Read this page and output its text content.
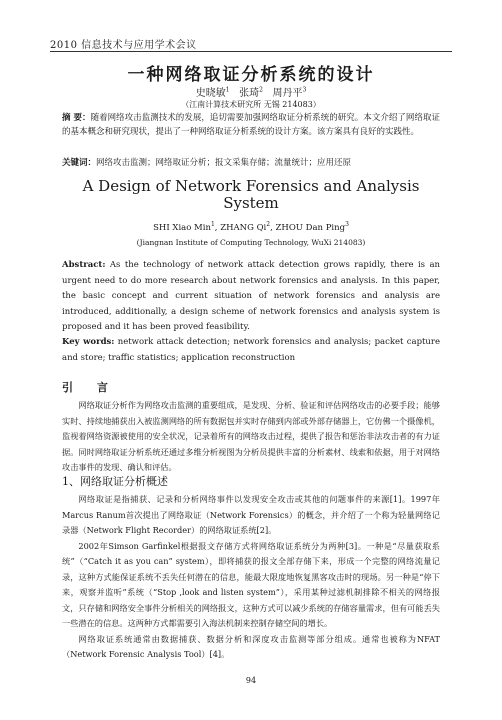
2010 信息技术与应用学术会议
一种网络取证分析系统的设计
史晓敏$^1$ 张琦$^2$ 周丹平$^3$
（江南计算技术研究所 无锡 214083）
摘 要：随着网络攻击监测技术的发展，追切需要加强网络取证分析系统的研究。本文介绍了网络取证的基本概念和研究现状，提出了一种网络取证分析系统的设计方案。该方案具有良好的实践性。
关键词：网络攻击监测；网络取证分析；报文采集存储；流量统计；应用还原
A Design of Network Forensics and Analysis
System
SHI Xiao Min$^1$, ZHANG Qi$^2$, ZHOU Dan Ping$^3$
(Jiangnan Institute of Computing Technology, WuXi 214083)
Abstract: As the technology of network attack detection grows rapidly, there is an urgent need to do more research about network forensics and analysis. In this paper, the basic concept and current situation of network forensics and analysis are introduced, additionally, a design scheme of network forensics and analysis system is proposed and it has been proved feasibility.
Key words: network attack detection; network forensics and analysis; packet capture and store; traffic statistics; application reconstruction
引 言

网络取证分析作为网络攻击监测的重要组成，是发现、分析、验证和评估网络攻击的必要手段；能够实时、持续地捕获出入被监测网络的所有数据包并实时存储到内部或外部存储器上，它仿佛一个摄像机，监视着网络资源被使用的安全状况，记录着所有的网络攻击过程，提供了报告和惩治非法攻击者的有力证据。同时网络取证分析系统还通过多维分析视图为分析员提供丰富的分析素材、线索和依据，用于对网络攻击事件的发现、确认和评估。

1、网络取证分析概述

网络取证是指捕获、记录和分析网络事件以发现安全攻击或其他的问题事件的来源[1]。1997年Marcus Ranum首次提出了网络取证（Network Forensics）的概念，并介绍了一个称为轻量网络记录器（Network Flight Recorder）的网络取证系统[2]。

2002年Simson Garfinkel根据报文存储方式将网络取证系统分为两种[3]。一种是“尽量获取系统”（“Catch it as you can” system），即将捕获的报文全部存储下来，形成一个完整的网络流量记录，这种方式能保证系统不丢失任何潜在的信息，能最大限度地恢复黑客攻击时的现场。另一种是“停下来，观察并监听”系统（“Stop ,look and listen system”），采用某种过滤机制排除不相关的网络报文，只存储和网络安全事件分析相关的网络报文，这种方式可以减少系统的存储容量需求，但有可能丢失一些潜在的信息。这两种方式都需要引入海法机制来控制存储空间的增长。

网络取证系统通常由数据捕获、数据分析和深度攻击监测等部分组成。通常也被称为NFAT（Network Forensic Analysis Tool）[4]。

94
